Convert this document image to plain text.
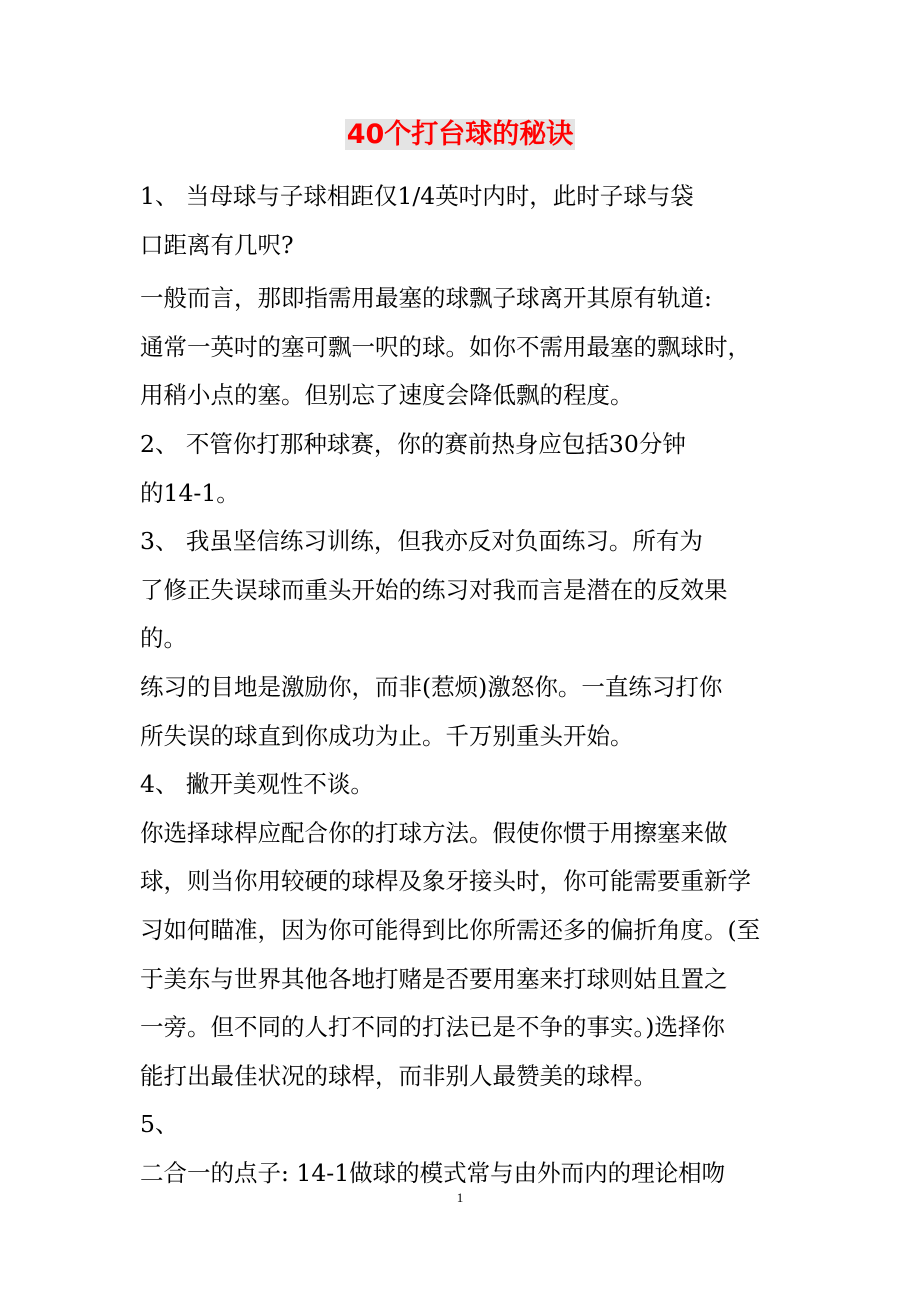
40个打台球的秘诀

1、 当母球与子球相距仅1/4英吋内时，此时子球与袋

口距离有几呎?

一般而言，那即指需用最塞的球飘子球离开其原有轨道:

通常一英吋的塞可飘一呎的球。如你不需用最塞的飘球时，

用稍小点的塞。但别忘了速度会降低飘的程度。

2、 不管你打那种球赛，你的赛前热身应包括30分钟

的14-1。

3、 我虽坚信练习训练，但我亦反对负面练习。所有为

了修正失误球而重头开始的练习对我而言是潜在的反效果

的。

练习的目地是激励你，而非(惹烦)激怒你。一直练习打你

所失误的球直到你成功为止。千万别重头开始。

4、 撇开美观性不谈。

你选择球桿应配合你的打球方法。假使你惯于用擦塞来做

球，则当你用较硬的球桿及象牙接头时，你可能需要重新学

习如何瞄准，因为你可能得到比你所需还多的偏折角度。(至

于美东与世界其他各地打赌是否要用塞来打球则姑且置之

一旁。但不同的人打不同的打法已是不争的事实。)选择你

能打出最佳状况的球桿，而非别人最赞美的球桿。

5、

二合一的点子: 14-1做球的模式常与由外而内的理论相吻

1
